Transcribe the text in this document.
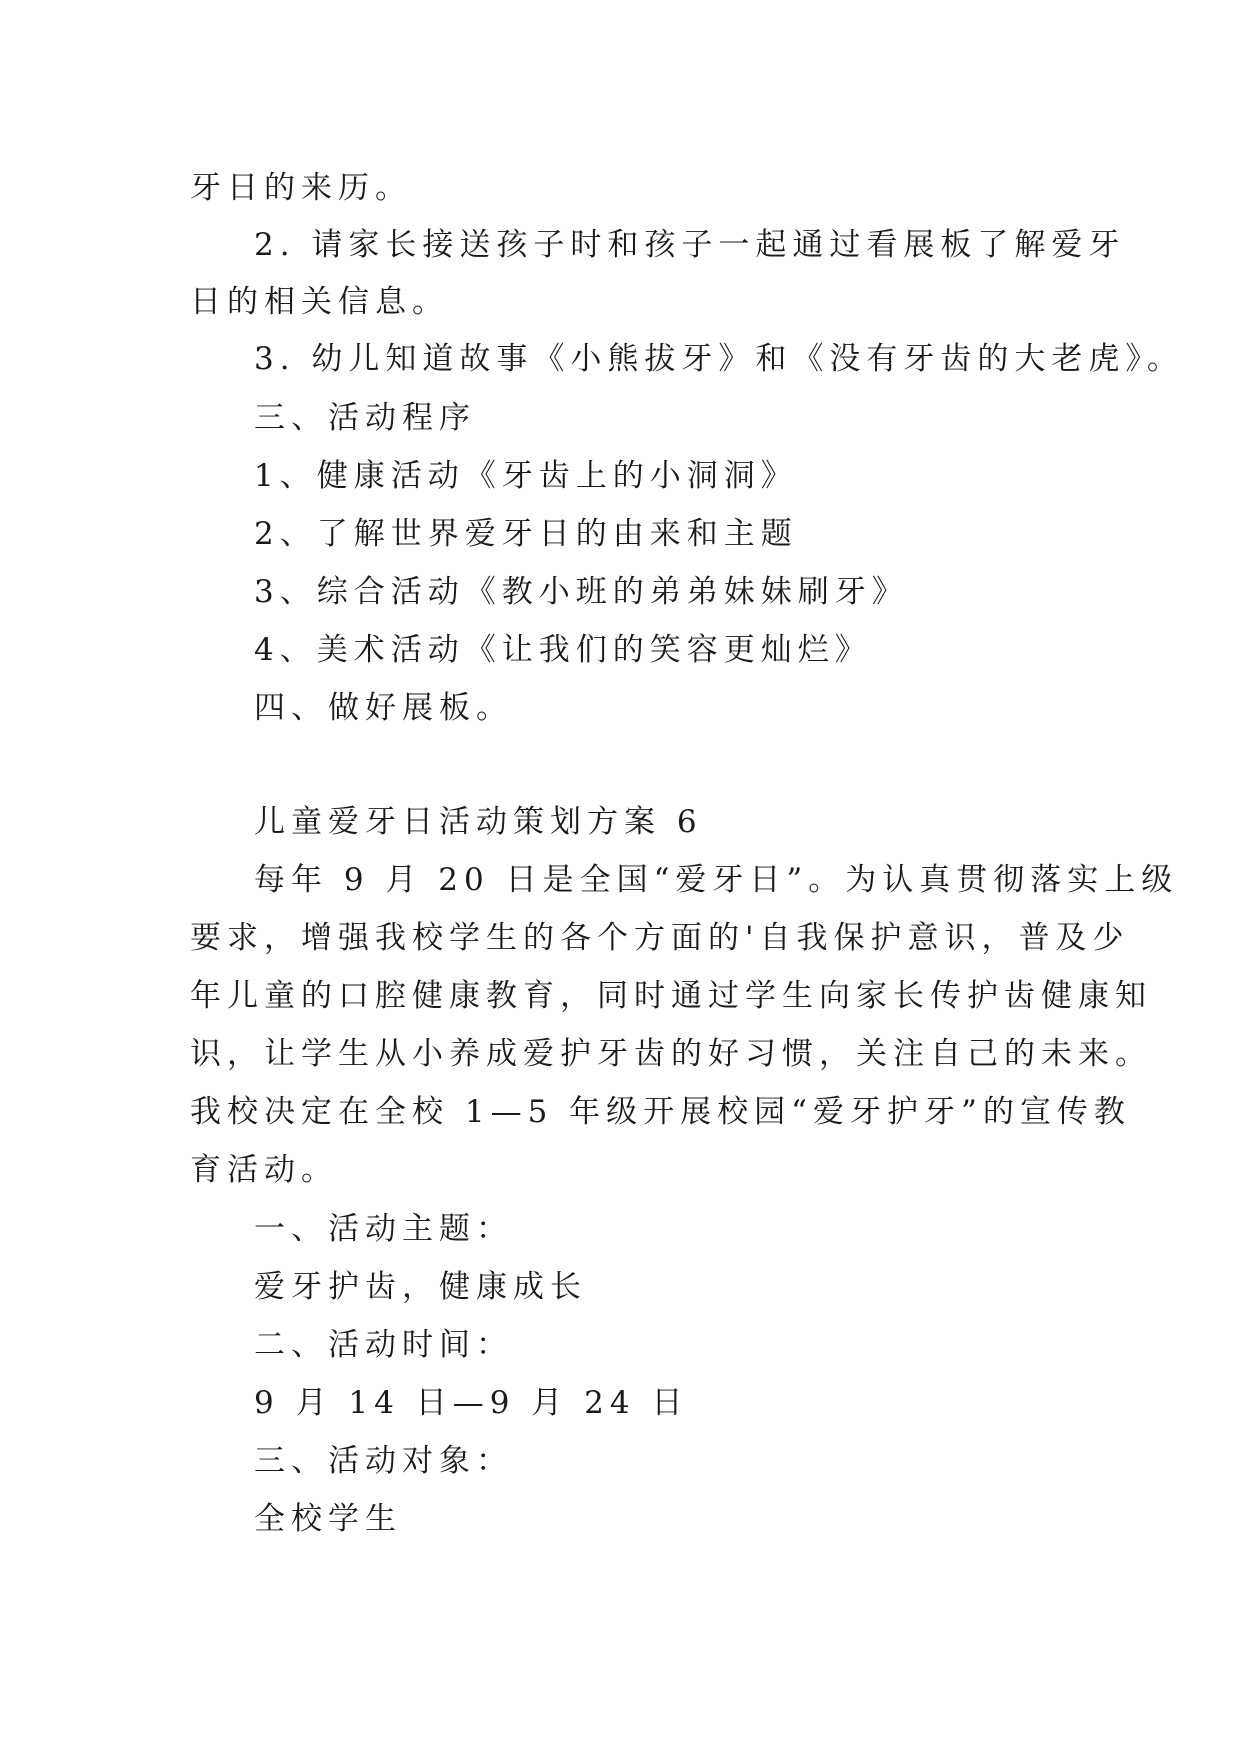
牙日的来历。
2. 请家长接送孩子时和孩子一起通过看展板了解爱牙
日的相关信息。
3. 幼儿知道故事《小熊拔牙》和《没有牙齿的大老虎》。
三、活动程序
1、健康活动《牙齿上的小洞洞》
2、了解世界爱牙日的由来和主题
3、综合活动《教小班的弟弟妹妹刷牙》
4、美术活动《让我们的笑容更灿烂》
四、做好展板。
儿童爱牙日活动策划方案 6
每年 9 月 20 日是全国“爱牙日”。为认真贯彻落实上级
要求，增强我校学生的各个方面的'自我保护意识，普及少
年儿童的口腔健康教育，同时通过学生向家长传护齿健康知
识，让学生从小养成爱护牙齿的好习惯，关注自己的未来。
我校决定在全校 1—5 年级开展校园“爱牙护牙”的宣传教
育活动。
一、活动主题：
爱牙护齿，健康成长
二、活动时间：
9 月 14 日—9 月 24 日
三、活动对象：
全校学生
